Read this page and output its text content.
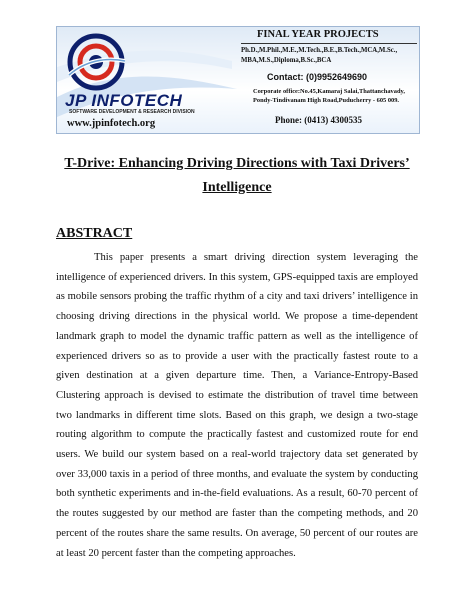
JP INFOTECH
SOFTWARE DEVELOPMENT & RESEARCH DIVISION
www.jpinfotech.org
FINAL YEAR PROJECTS
Ph.D.,M.Phil.,M.E.,M.Tech.,B.E.,B.Tech.,MCA,M.Sc., MBA,M.S.,Diploma,B.Sc.,BCA
Contact: (0)9952649690
Corporate office:No.45,Kamaraj Salai,Thattanchavady, Pondy-Tindivanam High Road,Puducherry - 605 009.
Phone: (0413) 4300535
T-Drive: Enhancing Driving Directions with Taxi Drivers’ Intelligence
ABSTRACT

This paper presents a smart driving direction system leveraging the intelligence of experienced drivers. In this system, GPS-equipped taxis are employed as mobile sensors probing the traffic rhythm of a city and taxi drivers’ intelligence in choosing driving directions in the physical world. We propose a time-dependent landmark graph to model the dynamic traffic pattern as well as the intelligence of experienced drivers so as to provide a user with the practically fastest route to a given destination at a given departure time. Then, a Variance-Entropy-Based Clustering approach is devised to estimate the distribution of travel time between two landmarks in different time slots. Based on this graph, we design a two-stage routing algorithm to compute the practically fastest and customized route for end users. We build our system based on a real-world trajectory data set generated by over 33,000 taxis in a period of three months, and evaluate the system by conducting both synthetic experiments and in-the-field evaluations. As a result, 60-70 percent of the routes suggested by our method are faster than the competing methods, and 20 percent of the routes share the same results. On average, 50 percent of our routes are at least 20 percent faster than the competing approaches.
